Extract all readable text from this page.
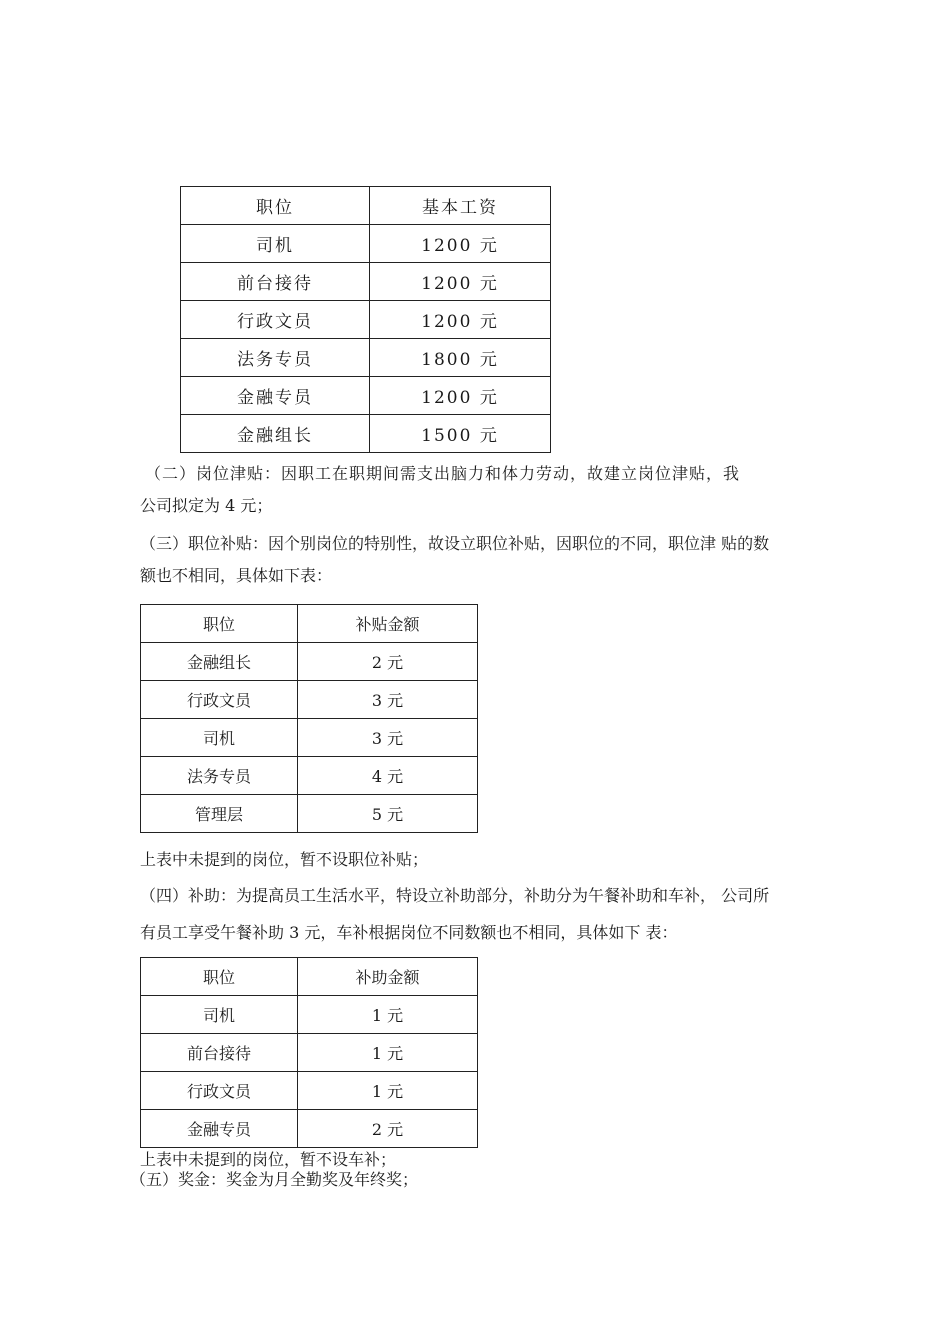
职位	基本工资
司机	1200 元
前台接待	1200 元
行政文员	1200 元
法务专员	1800 元
金融专员	1200 元
金融组长	1500 元
（二）岗位津贴：因职工在职期间需支出脑力和体力劳动，故建立岗位津贴，我
公司拟定为 4 元；
（三）职位补贴：因个别岗位的特别性，故设立职位补贴，因职位的不同，职位津 贴的数
额也不相同，具体如下表：
职位	补贴金额
金融组长	2 元
行政文员	3 元
司机	3 元
法务专员	4 元
管理层	5 元
上表中未提到的岗位，暂不设职位补贴；
（四）补助：为提高员工生活水平，特设立补助部分，补助分为午餐补助和车补， 公司所
有员工享受午餐补助 3 元，车补根据岗位不同数额也不相同，具体如下 表：
职位	补助金额
司机	1 元
前台接待	1 元
行政文员	1 元
金融专员	2 元
上表中未提到的岗位，暂不设车补；
（五）奖金：奖金为月全勤奖及年终奖；
